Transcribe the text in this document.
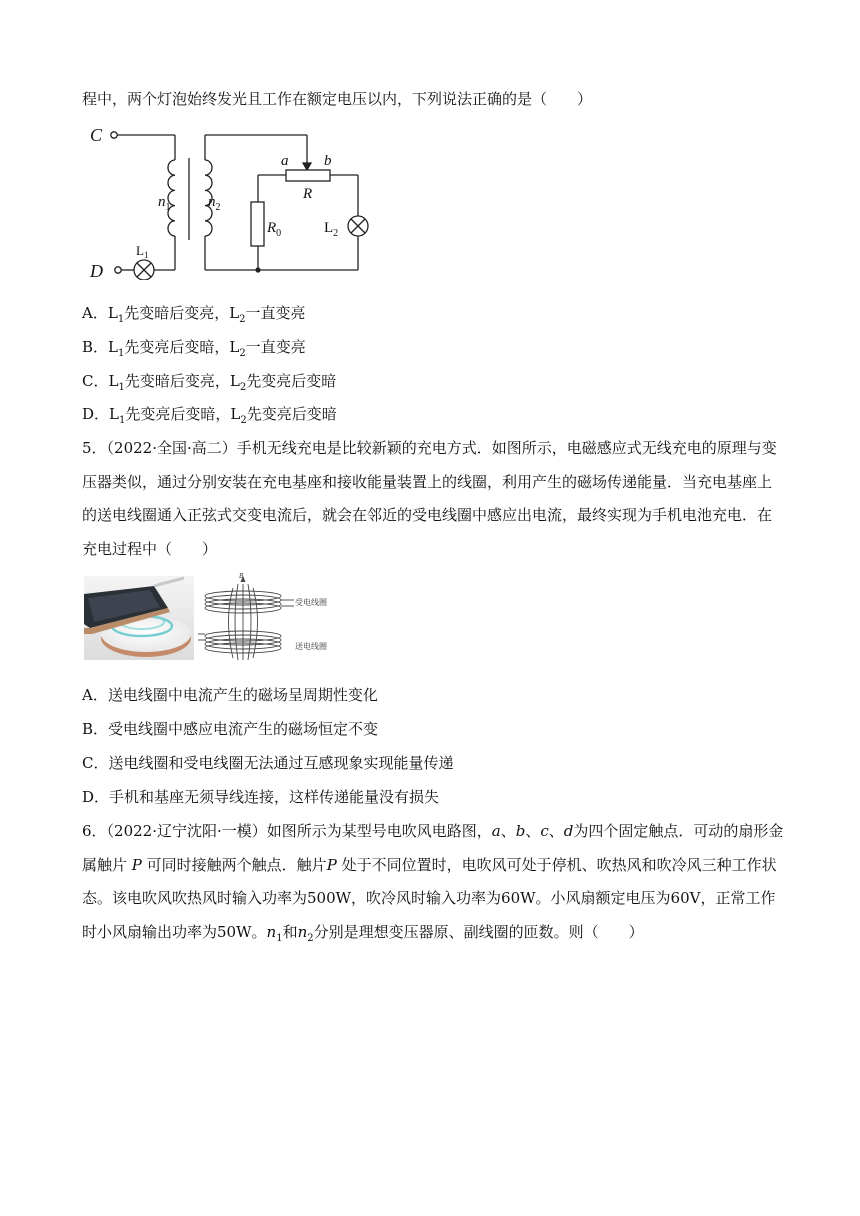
程中，两个灯泡始终发光且工作在额定电压以内，下列说法正确的是（　　）
C
D
$n_1$	$n_2$
a b
R
$R_0$	$L_2$
$L_1$
A．$L_1$先变暗后变亮，$L_2$一直变亮
B．$L_1$先变亮后变暗，$L_2$一直变亮
C．$L_1$先变暗后变亮，$L_2$先变亮后变暗
D．$L_1$先变亮后变暗，$L_2$先变亮后变暗
5．（2022·全国·高二）手机无线充电是比较新颖的充电方式．如图所示，电磁感应式无线充电的原理与变
压器类似，通过分别安装在充电基座和接收能量装置上的线圈，利用产生的磁场传递能量．当充电基座上
的送电线圈通入正弦式交变电流后，就会在邻近的受电线圈中感应出电流，最终实现为手机电池充电．在
充电过程中（　　）
B
受电线圈
送电线圈
A．送电线圈中电流产生的磁场呈周期性变化
B．受电线圈中感应电流产生的磁场恒定不变
C．送电线圈和受电线圈无法通过互感现象实现能量传递
D．手机和基座无须导线连接，这样传递能量没有损失
6．（2022·辽宁沈阳·一模）如图所示为某型号电吹风电路图，a、b、c、d为四个固定触点．可动的扇形金
属触片 P 可同时接触两个触点．触片P 处于不同位置时，电吹风可处于停机、吹热风和吹冷风三种工作状
态。该电吹风吹热风时输入功率为500W，吹冷风时输入功率为60W。小风扇额定电压为60V，正常工作
时小风扇输出功率为50W。$n_1$和$n_2$分别是理想变压器原、副线圈的匝数。则（　　）
